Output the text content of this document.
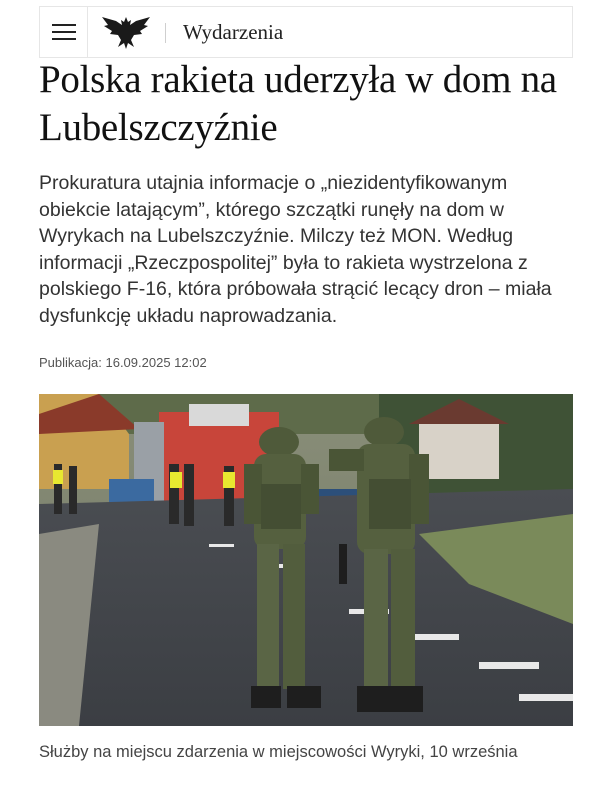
Wydarzenia
Polska rakieta uderzyła w dom na Lubelszczyźnie

Prokuratura utajnia informacje o „niezidentyfikowanym obiekcie latającym”, którego szczątki runęły na dom w Wyrykach na Lubelszczyźnie. Milczy też MON. Według informacji „Rzeczpospolitej” była to rakieta wystrzelona z polskiego F-16, która próbowała strącić lecący dron – miała dysfunkcję układu naprowadzania.

Publikacja: 16.09.2025 12:02

Służby na miejscu zdarzenia w miejscowości Wyryki, 10 września
